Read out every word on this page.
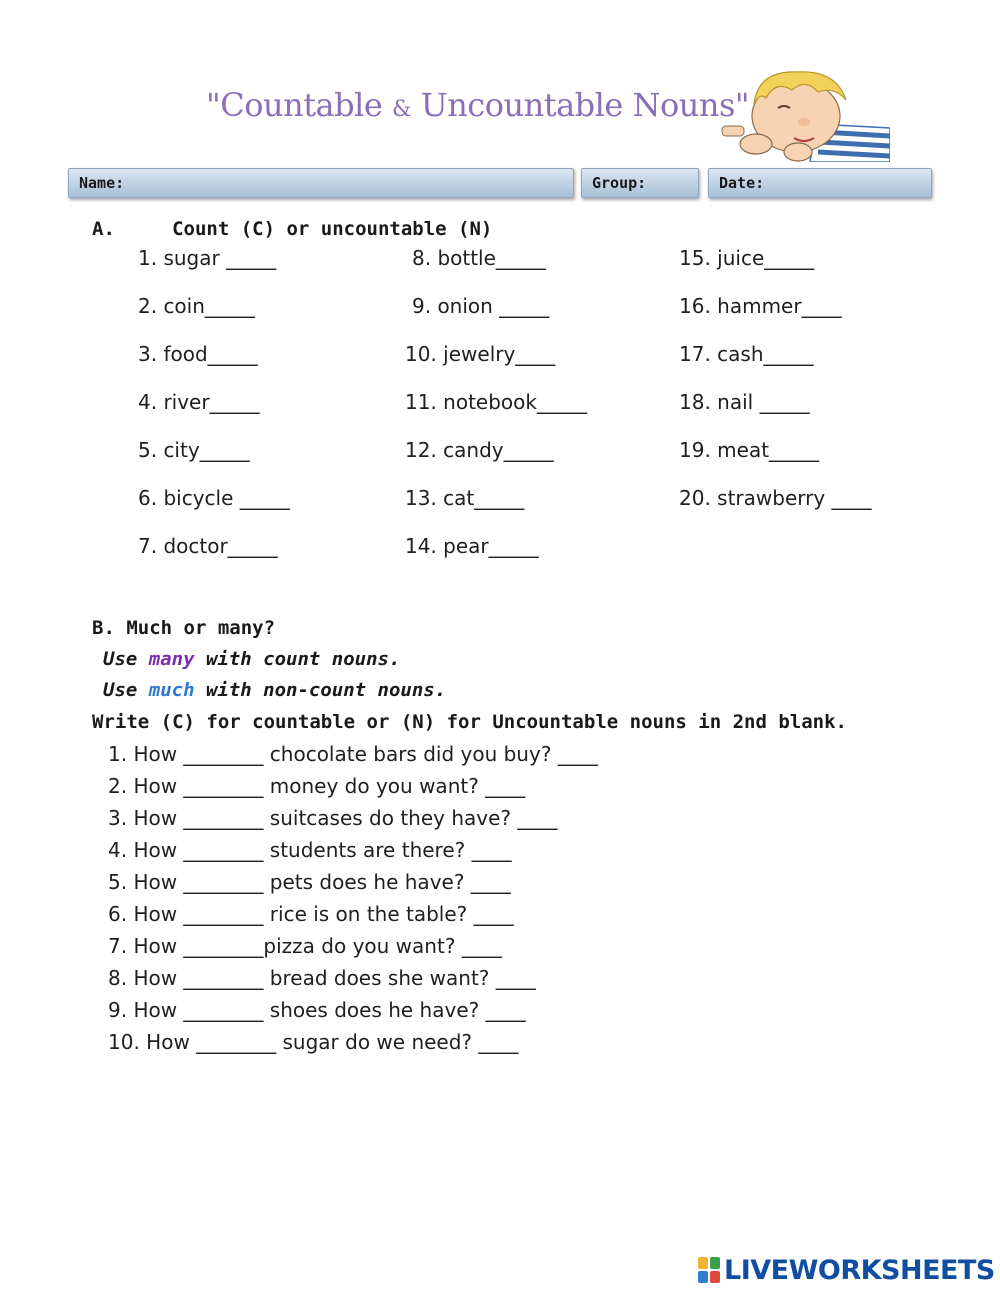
"Countable & Uncountable Nouns"
Name:	Group:	Date:
A.     Count (C) or uncountable (N)
1. sugar _____
2. coin_____
3. food_____
4. river_____
5. city_____
6. bicycle _____
7. doctor_____
8. bottle_____
9. onion _____
10. jewelry____
11. notebook_____
12. candy_____
13. cat_____
14. pear_____
15. juice_____
16. hammer____
17. cash_____
18. nail _____
19. meat_____
20. strawberry ____
B. Much or many?
Use many with count nouns.
Use much with non-count nouns.
Write (C) for countable or (N) for Uncountable nouns in 2nd blank.
1. How ________ chocolate bars did you buy? ____
2. How ________ money do you want? ____
3. How ________ suitcases do they have? ____
4. How ________ students are there? ____
5. How ________ pets does he have? ____
6. How ________ rice is on the table? ____
7. How ________pizza do you want? ____
8. How ________ bread does she want? ____
9. How ________ shoes does he have? ____
10. How ________ sugar do we need? ____
LIVEWORKSHEETS
